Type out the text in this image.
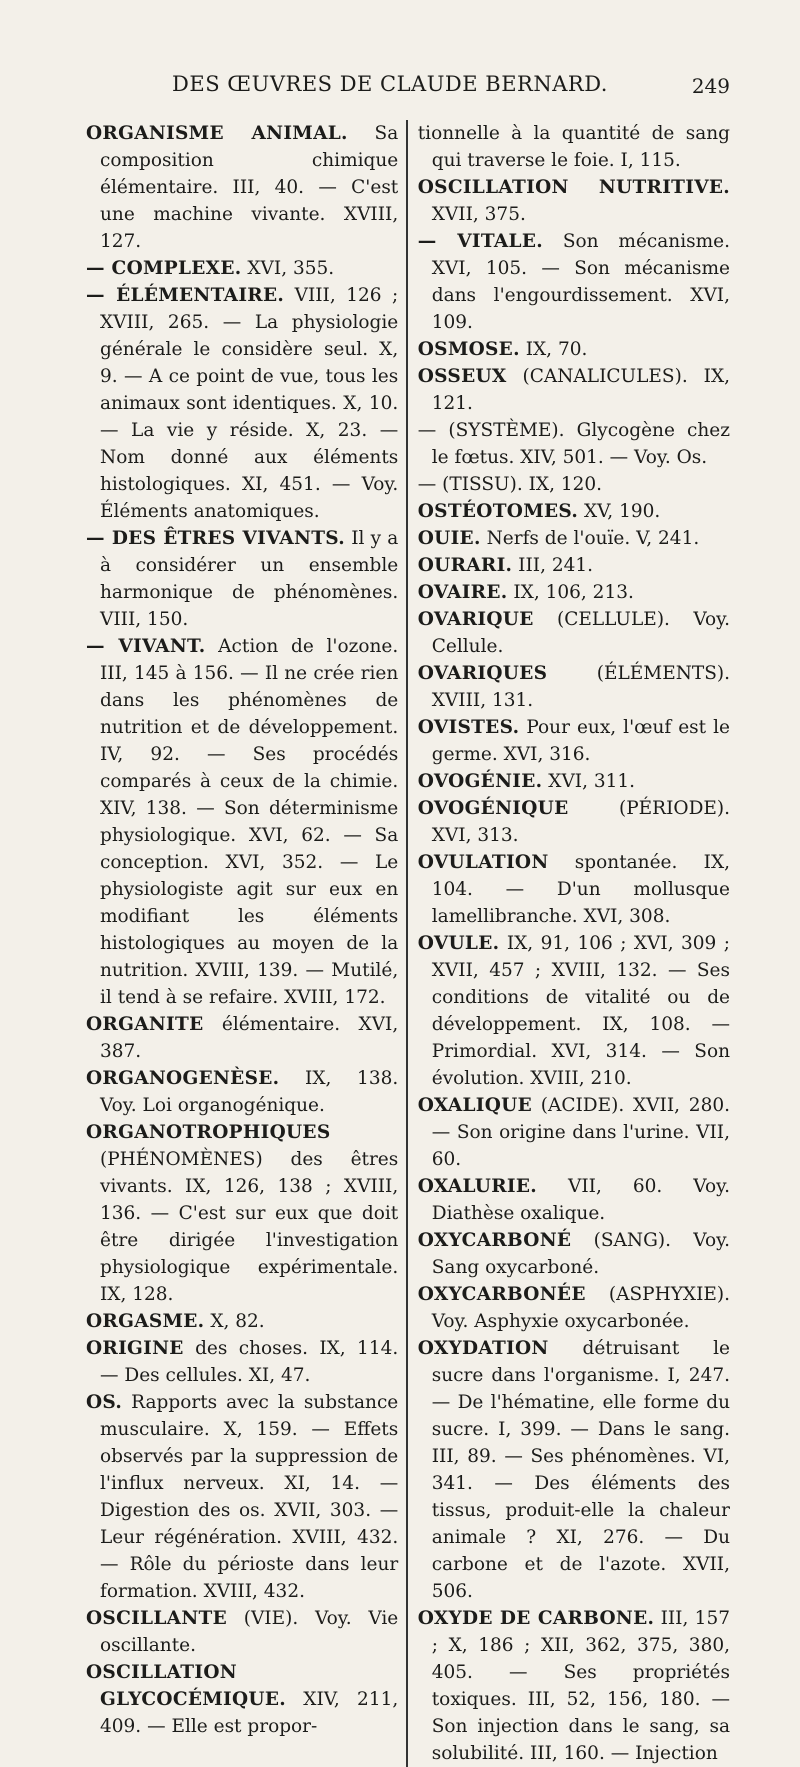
DES ŒUVRES DE CLAUDE BERNARD.	249

ORGANISME ANIMAL. Sa composition chimique élémentaire. III, 40. — C'est une machine vivante. XVIII, 127.

— COMPLEXE. XVI, 355.

— ÉLÉMENTAIRE. VIII, 126 ; XVIII, 265. — La physiologie générale le considère seul. X, 9. — A ce point de vue, tous les animaux sont identiques. X, 10. — La vie y réside. X, 23. — Nom donné aux éléments histologiques. XI, 451. — Voy. Éléments anatomiques.

— DES ÊTRES VIVANTS. Il y a à considérer un ensemble harmonique de phénomènes. VIII, 150.

— VIVANT. Action de l'ozone. III, 145 à 156. — Il ne crée rien dans les phénomènes de nutrition et de développement. IV, 92. — Ses procédés comparés à ceux de la chimie. XIV, 138. — Son déterminisme physiologique. XVI, 62. — Sa conception. XVI, 352. — Le physiologiste agit sur eux en modifiant les éléments histologiques au moyen de la nutrition. XVIII, 139. — Mutilé, il tend à se refaire. XVIII, 172.

ORGANITE élémentaire. XVI, 387.

ORGANOGENÈSE. IX, 138. Voy. Loi organogénique.

ORGANOTROPHIQUES (PHÉNOMÈNES) des êtres vivants. IX, 126, 138 ; XVIII, 136. — C'est sur eux que doit être dirigée l'investigation physiologique expérimentale. IX, 128.

ORGASME. X, 82.

ORIGINE des choses. IX, 114. — Des cellules. XI, 47.

OS. Rapports avec la substance musculaire. X, 159. — Effets observés par la suppression de l'influx nerveux. XI, 14. — Digestion des os. XVII, 303. — Leur régénération. XVIII, 432. — Rôle du périoste dans leur formation. XVIII, 432.

OSCILLANTE (VIE). Voy. Vie oscillante.

OSCILLATION GLYCOCÉMIQUE. XIV, 211, 409. — Elle est propor-

tionnelle à la quantité de sang qui traverse le foie. I, 115.

OSCILLATION NUTRITIVE. XVII, 375.

— VITALE. Son mécanisme. XVI, 105. — Son mécanisme dans l'engourdissement. XVI, 109.

OSMOSE. IX, 70.

OSSEUX (CANALICULES). IX, 121.

— (SYSTÈME). Glycogène chez le fœtus. XIV, 501. — Voy. Os.

— (TISSU). IX, 120.

OSTÉOTOMES. XV, 190.

OUIE. Nerfs de l'ouïe. V, 241.

OURARI. III, 241.

OVAIRE. IX, 106, 213.

OVARIQUE (CELLULE). Voy. Cellule.

OVARIQUES (ÉLÉMENTS). XVIII, 131.

OVISTES. Pour eux, l'œuf est le germe. XVI, 316.

OVOGÉNIE. XVI, 311.

OVOGÉNIQUE (PÉRIODE). XVI, 313.

OVULATION spontanée. IX, 104. — D'un mollusque lamellibranche. XVI, 308.

OVULE. IX, 91, 106 ; XVI, 309 ; XVII, 457 ; XVIII, 132. — Ses conditions de vitalité ou de développement. IX, 108. — Primordial. XVI, 314. — Son évolution. XVIII, 210.

OXALIQUE (ACIDE). XVII, 280. — Son origine dans l'urine. VII, 60.

OXALURIE. VII, 60. Voy. Diathèse oxalique.

OXYCARBONÉ (SANG). Voy. Sang oxycarboné.

OXYCARBONÉE (ASPHYXIE). Voy. Asphyxie oxycarbonée.

OXYDATION détruisant le sucre dans l'organisme. I, 247. — De l'hématine, elle forme du sucre. I, 399. — Dans le sang. III, 89. — Ses phénomènes. VI, 341. — Des éléments des tissus, produit-elle la chaleur animale ? XI, 276. — Du carbone et de l'azote. XVII, 506.

OXYDE DE CARBONE. III, 157 ; X, 186 ; XII, 362, 375, 380, 405. — Ses propriétés toxiques. III, 52, 156, 180. — Son injection dans le sang, sa solubilité. III, 160. — Injection
